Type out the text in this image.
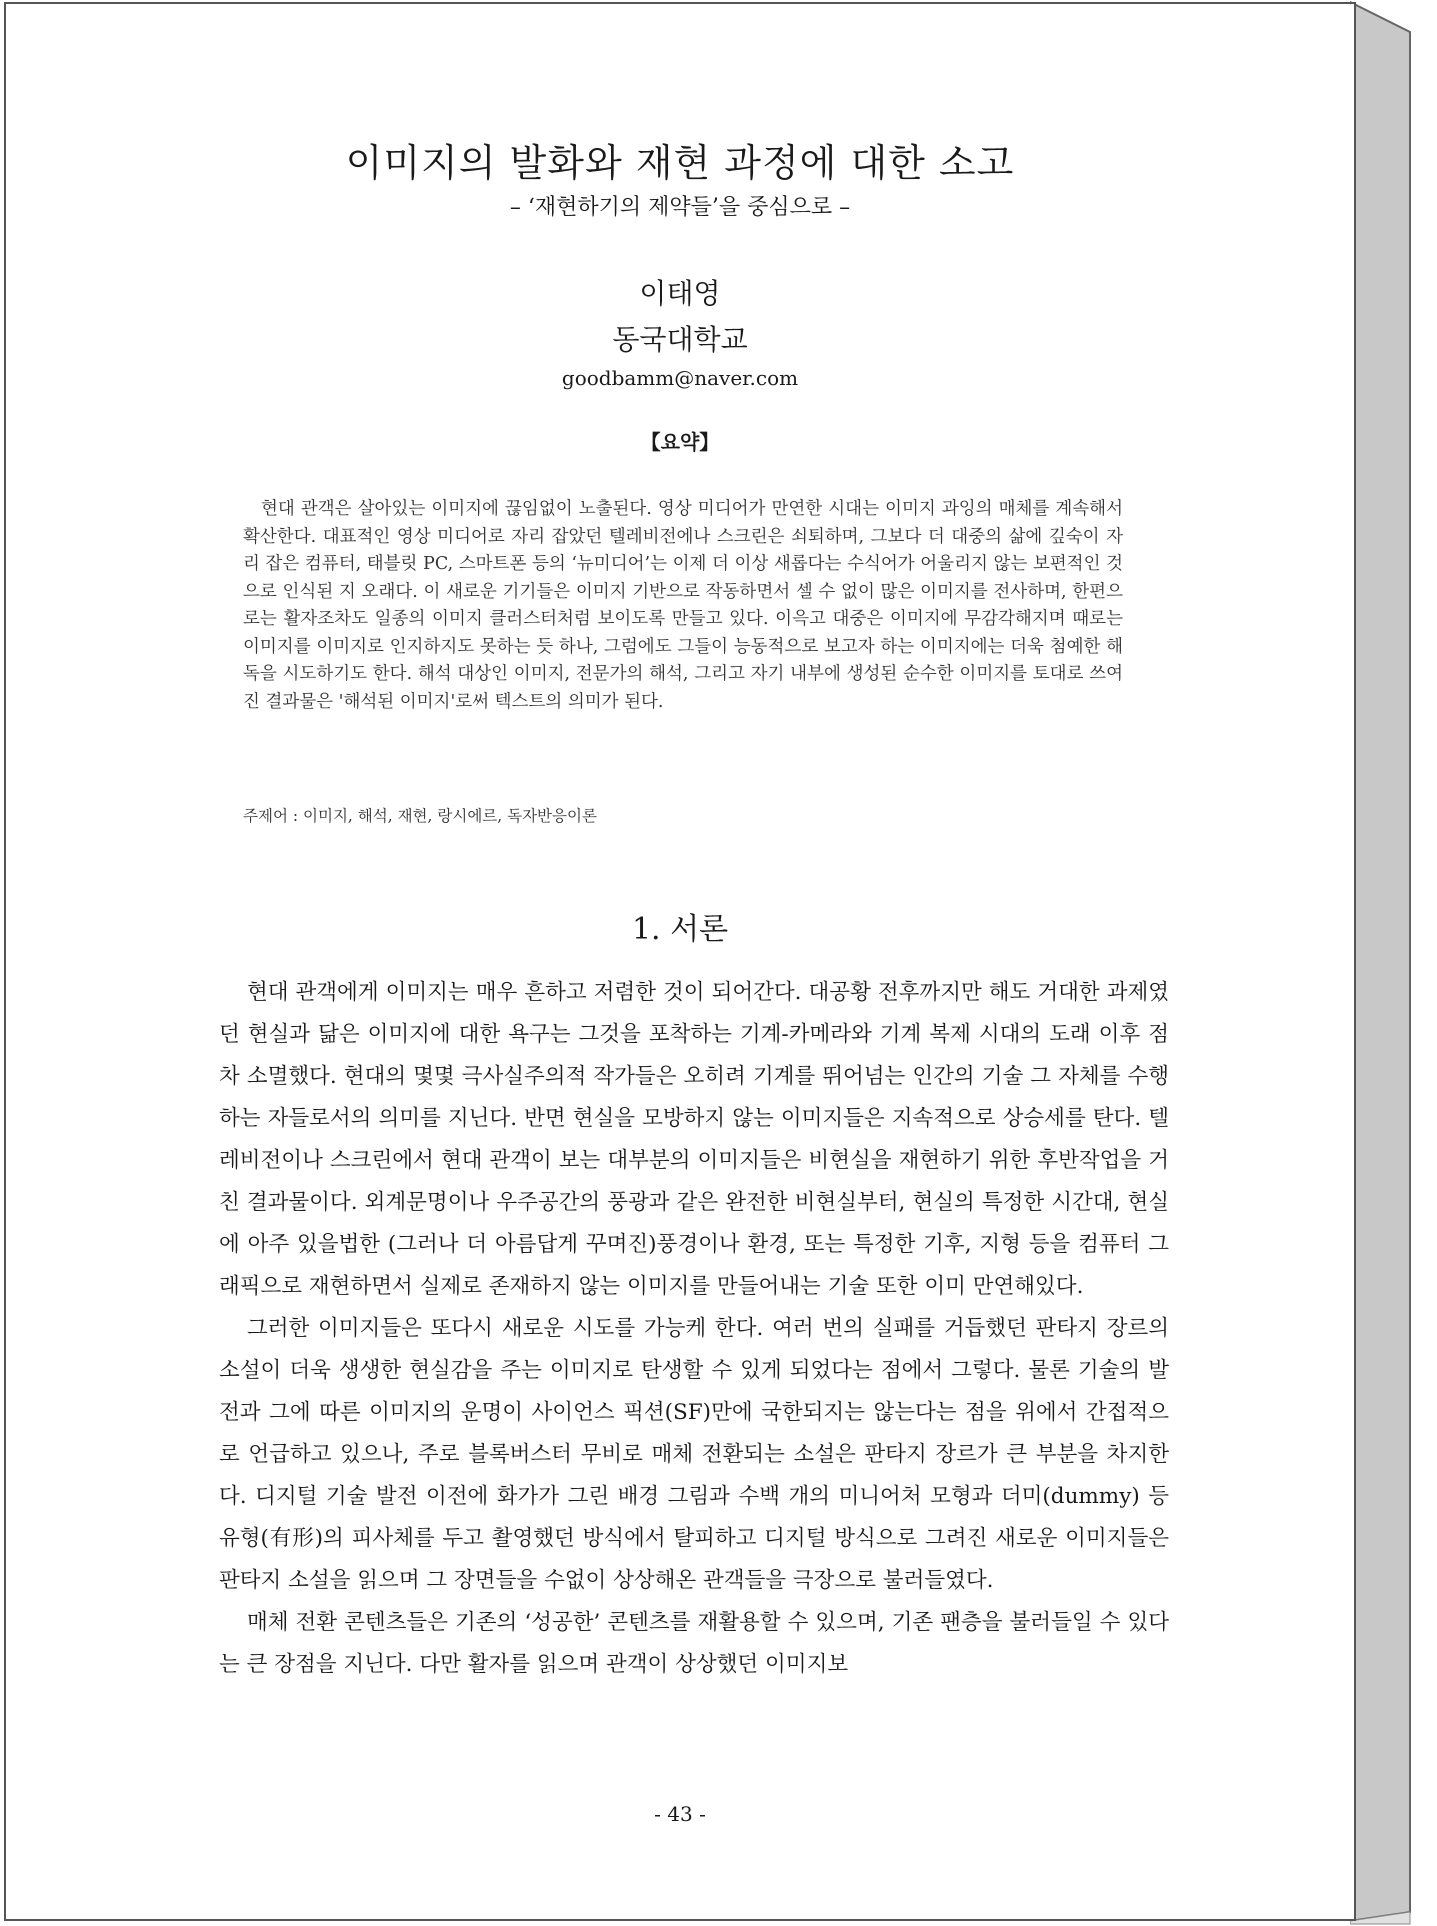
이미지의 발화와 재현 과정에 대한 소고
– ‘재현하기의 제약들’을 중심으로 –
이태영
동국대학교
goodbamm@naver.com
【요약】

현대 관객은 살아있는 이미지에 끊임없이 노출된다. 영상 미디어가 만연한 시대는 이미지 과잉의 매체를 계속해서 확산한다. 대표적인 영상 미디어로 자리 잡았던 텔레비전에나 스크린은 쇠퇴하며, 그보다 더 대중의 삶에 깊숙이 자리 잡은 컴퓨터, 태블릿 PC, 스마트폰 등의 ‘뉴미디어’는 이제 더 이상 새롭다는 수식어가 어울리지 않는 보편적인 것으로 인식된 지 오래다. 이 새로운 기기들은 이미지 기반으로 작동하면서 셀 수 없이 많은 이미지를 전사하며, 한편으로는 활자조차도 일종의 이미지 클러스터처럼 보이도록 만들고 있다. 이윽고 대중은 이미지에 무감각해지며 때로는 이미지를 이미지로 인지하지도 못하는 듯 하나, 그럼에도 그들이 능동적으로 보고자 하는 이미지에는 더욱 첨예한 해독을 시도하기도 한다. 해석 대상인 이미지, 전문가의 해석, 그리고 자기 내부에 생성된 순수한 이미지를 토대로 쓰여진 결과물은 '해석된 이미지'로써 텍스트의 의미가 된다.

주제어 : 이미지, 해석, 재현, 랑시에르, 독자반응이론
1. 서론

현대 관객에게 이미지는 매우 흔하고 저렴한 것이 되어간다. 대공황 전후까지만 해도 거대한 과제였던 현실과 닮은 이미지에 대한 욕구는 그것을 포착하는 기계-카메라와 기계 복제 시대의 도래 이후 점차 소멸했다. 현대의 몇몇 극사실주의적 작가들은 오히려 기계를 뛰어넘는 인간의 기술 그 자체를 수행하는 자들로서의 의미를 지닌다. 반면 현실을 모방하지 않는 이미지들은 지속적으로 상승세를 탄다. 텔레비전이나 스크린에서 현대 관객이 보는 대부분의 이미지들은 비현실을 재현하기 위한 후반작업을 거친 결과물이다. 외계문명이나 우주공간의 풍광과 같은 완전한 비현실부터, 현실의 특정한 시간대, 현실에 아주 있을법한 (그러나 더 아름답게 꾸며진)풍경이나 환경, 또는 특정한 기후, 지형 등을 컴퓨터 그래픽으로 재현하면서 실제로 존재하지 않는 이미지를 만들어내는 기술 또한 이미 만연해있다.

그러한 이미지들은 또다시 새로운 시도를 가능케 한다. 여러 번의 실패를 거듭했던 판타지 장르의 소설이 더욱 생생한 현실감을 주는 이미지로 탄생할 수 있게 되었다는 점에서 그렇다. 물론 기술의 발전과 그에 따른 이미지의 운명이 사이언스 픽션(SF)만에 국한되지는 않는다는 점을 위에서 간접적으로 언급하고 있으나, 주로 블록버스터 무비로 매체 전환되는 소설은 판타지 장르가 큰 부분을 차지한다. 디지털 기술 발전 이전에 화가가 그린 배경 그림과 수백 개의 미니어처 모형과 더미(dummy) 등 유형(有形)의 피사체를 두고 촬영했던 방식에서 탈피하고 디지털 방식으로 그려진 새로운 이미지들은 판타지 소설을 읽으며 그 장면들을 수없이 상상해온 관객들을 극장으로 불러들였다.

매체 전환 콘텐츠들은 기존의 ‘성공한’ 콘텐츠를 재활용할 수 있으며, 기존 팬층을 불러들일 수 있다는 큰 장점을 지닌다. 다만 활자를 읽으며 관객이 상상했던 이미지보

- 43 -
